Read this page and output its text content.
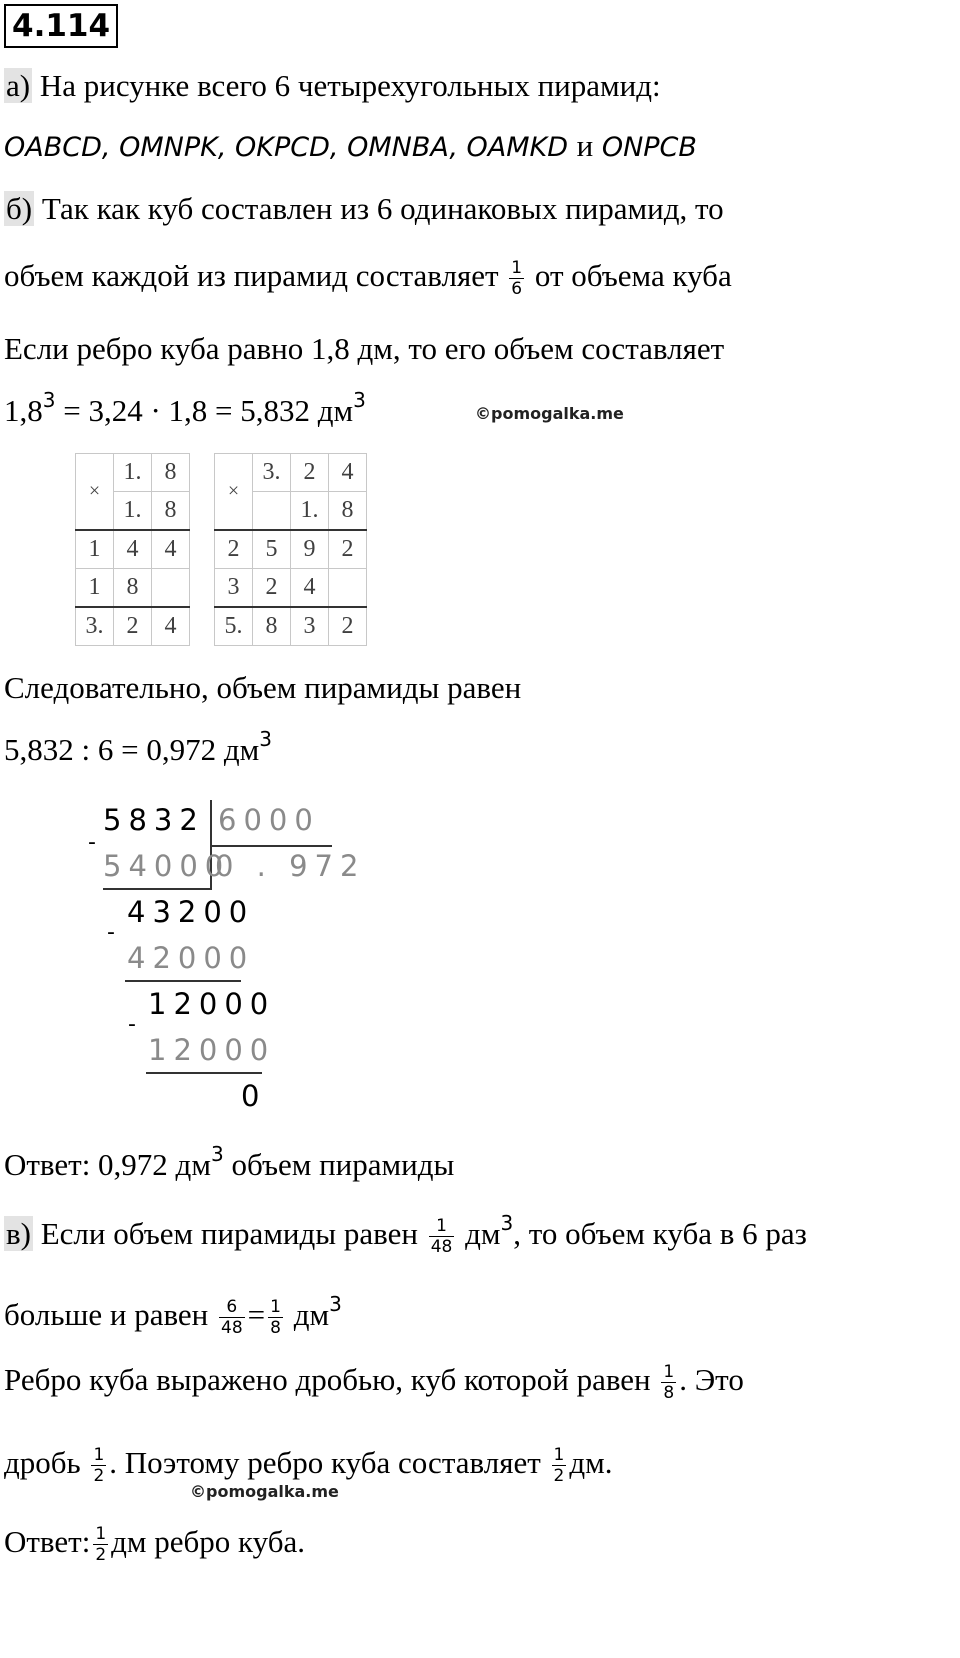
4.114
а) На рисунке всего 6 четырехугольных пирамид:
OABCD, OMNPK, OKPCD, OMNBA, OAMKD и ONPCB
б) Так как куб составлен из 6 одинаковых пирамид, то
объем каждой из пирамид составляет $\frac{1}{6}$ от объема куба
Если ребро куба равно 1,8 дм, то его объем составляет
$1,8^3 = 3,24 \cdot 1,8 = 5,832$ $дм^3$
©pomogalka.me
×	1.	8
	1.	8
1	4	4
1	8	
3.	2	4
×	3.	2	4
		1.	8
2	5	9	2
3	2	4	
5.	8	3	2
Следовательно, объем пирамиды равен
5,832 : 6 = 0,972 $дм^3$
5832 6000
-
54000
0 . 972
43200
-
42000
12000
-
12000
0
Ответ: 0,972 $дм^3$ объем пирамиды
в) Если объем пирамиды равен $\frac{1}{48} дм^3$, то объем куба в 6 раз
больше и равен $\frac{6}{48} = \frac{1}{8} дм^3$
Ребро куба выражено дробью, куб которой равен $\frac{1}{8}$ . Это
дробь $\frac{1}{2}$ . Поэтому ребро куба составляет $\frac{1}{2}$ дм.
©pomogalka.me
Ответ: $\frac{1}{2}$ дм ребро куба.
